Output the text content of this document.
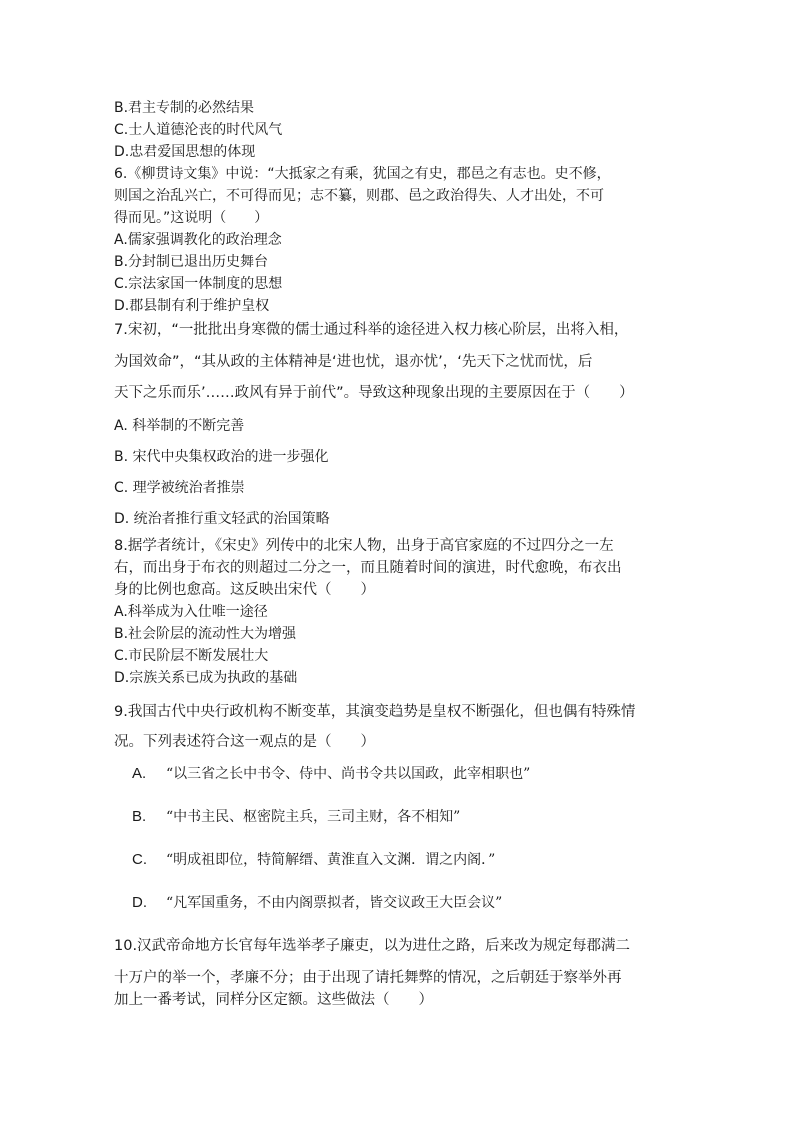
B.君主专制的必然结果
C.士人道德沦丧的时代风气
D.忠君爱国思想的体现
6.《柳贯诗文集》中说：“大抵家之有乘，犹国之有史，郡邑之有志也。史不修，
则国之治乱兴亡，不可得而见；志不纂，则郡、邑之政治得失、人才出处，不可
得而见。”这说明（　　）
A.儒家强调教化的政治理念
B.分封制已退出历史舞台
C.宗法家国一体制度的思想
D.郡县制有利于维护皇权
7.宋初，“一批批出身寒微的儒士通过科举的途径进入权力核心阶层，出将入相，
为国效命”，“其从政的主体精神是‘进也忧，退亦忧’，‘先天下之忧而忧，后
天下之乐而乐’……政风有异于前代”。导致这种现象出现的主要原因在于（　　）
A. 科举制的不断完善
B. 宋代中央集权政治的进一步强化
C. 理学被统治者推崇
D. 统治者推行重文轻武的治国策略
8.据学者统计，《宋史》列传中的北宋人物，出身于高官家庭的不过四分之一左
右，而出身于布衣的则超过二分之一，而且随着时间的演进，时代愈晚，布衣出
身的比例也愈高。这反映出宋代（　　）
A.科举成为入仕唯一途径
B.社会阶层的流动性大为增强
C.市民阶层不断发展壮大
D.宗族关系已成为执政的基础
9.我国古代中央行政机构不断变革，其演变趋势是皇权不断强化，但也偶有特殊情
况。下列表述符合这一观点的是（　　）
A. “以三省之长中书令、侍中、尚书令共以国政，此宰相职也”
B. “中书主民、枢密院主兵，三司主财，各不相知”
C. “明成祖即位，特简解缙、黄淮直入文渊．谓之内阁．”
D. “凡军国重务，不由内阁票拟者，皆交议政王大臣会议”
10.汉武帝命地方长官每年选举孝子廉吏，以为进仕之路，后来改为规定每郡满二
十万户的举一个，孝廉不分；由于出现了请托舞弊的情况，之后朝廷于察举外再
加上一番考试，同样分区定额。这些做法（　　）
